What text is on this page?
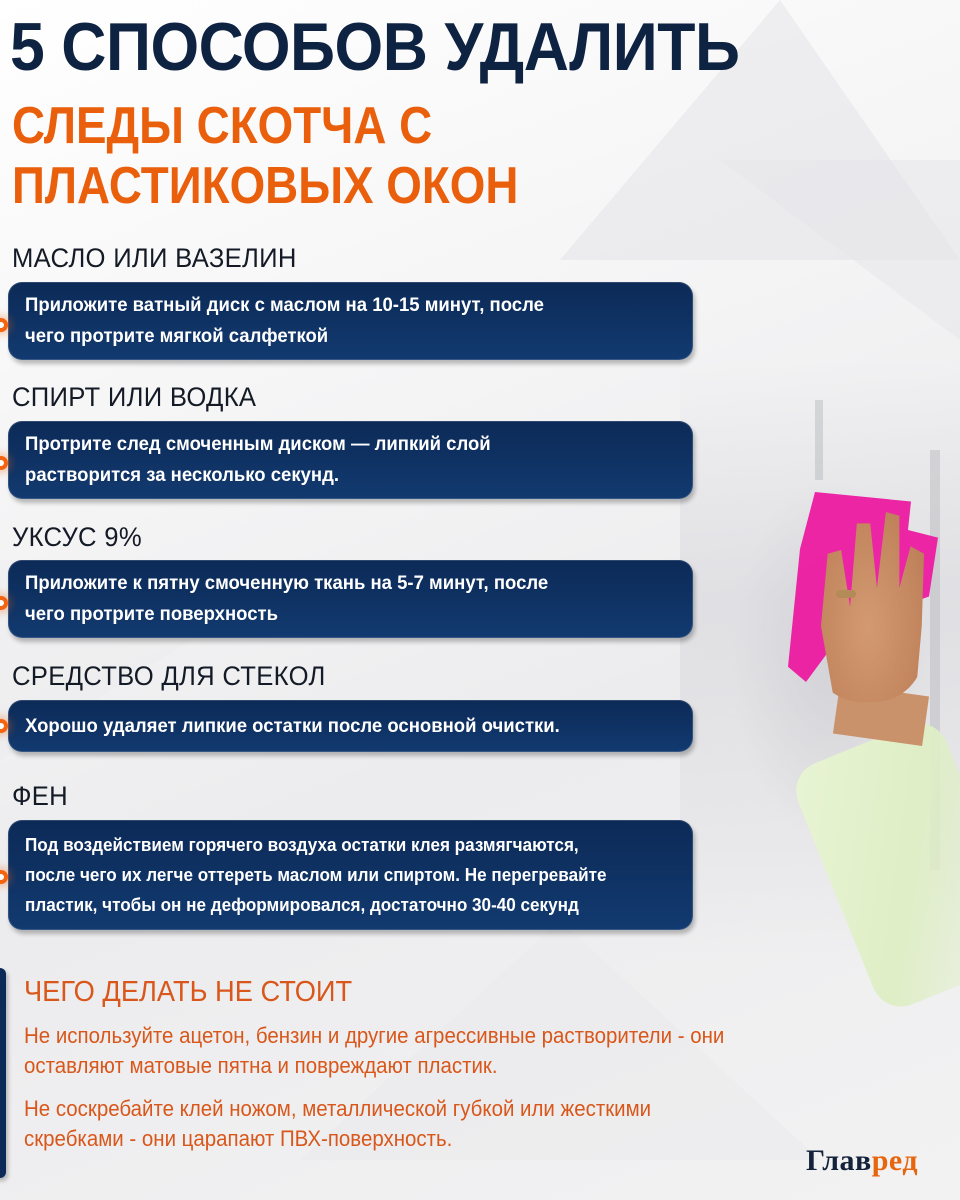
5 СПОСОБОВ УДАЛИТЬ
СЛЕДЫ СКОТЧА С
ПЛАСТИКОВЫХ ОКОН
МАСЛО ИЛИ ВАЗЕЛИН
Приложите ватный диск с маслом на 10-15 минут, после
чего протрите мягкой салфеткой
СПИРТ ИЛИ ВОДКА
Протрите след смоченным диском — липкий слой
растворится за несколько секунд.
УКСУС 9%
Приложите к пятну смоченную ткань на 5-7 минут, после
чего протрите поверхность
СРЕДСТВО ДЛЯ СТЕКОЛ
Хорошо удаляет липкие остатки после основной очистки.
ФЕН
Под воздействием горячего воздуха остатки клея размягчаются,
после чего их легче оттереть маслом или спиртом. Не перегревайте
пластик, чтобы он не деформировался, достаточно 30-40 секунд
ЧЕГО ДЕЛАТЬ НЕ СТОИТ
Не используйте ацетон, бензин и другие агрессивные растворители - они
оставляют матовые пятна и повреждают пластик.
Не соскребайте клей ножом, металлической губкой или жесткими
скребками - они царапают ПВХ-поверхность.
Главред
